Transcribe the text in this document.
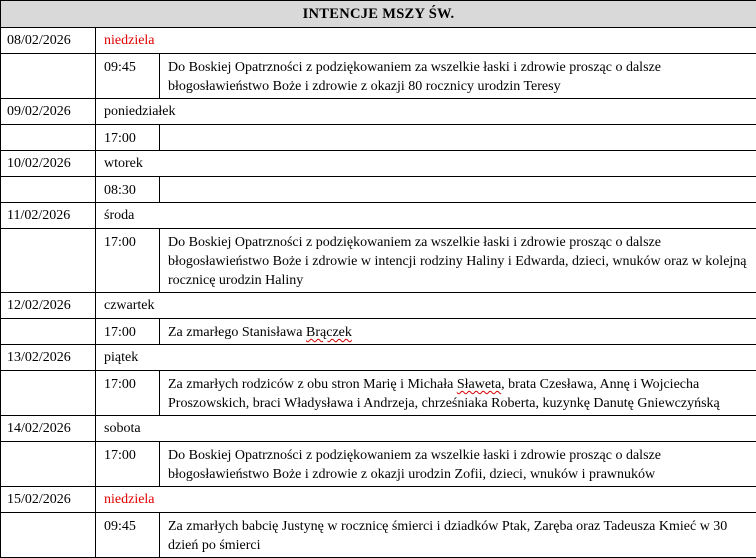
INTENCJE MSZY ŚW.		
08/02/2026	niedziela	
	09:45	Do Boskiej Opatrzności z podziękowaniem za wszelkie łaski i zdrowie prosząc o dalsze błogosławieństwo Boże i zdrowie z okazji 80 rocznicy urodzin Teresy
09/02/2026	poniedziałek	
	17:00	
10/02/2026	wtorek	
	08:30	
11/02/2026	środa	
	17:00	Do Boskiej Opatrzności z podziękowaniem za wszelkie łaski i zdrowie prosząc o dalsze błogosławieństwo Boże i zdrowie w intencji rodziny Haliny i Edwarda, dzieci, wnuków oraz w kolejną rocznicę urodzin Haliny
12/02/2026	czwartek	
	17:00	Za zmarłego Stanisława Brączek
13/02/2026	piątek	
	17:00	Za zmarłych rodziców z obu stron Marię i Michała Sławeta, brata Czesława, Annę i Wojciecha Proszowskich, braci Władysława i Andrzeja, chrześniaka Roberta, kuzynkę Danutę Gniewczyńską
14/02/2026	sobota	
	17:00	Do Boskiej Opatrzności z podziękowaniem za wszelkie łaski i zdrowie prosząc o dalsze błogosławieństwo Boże i zdrowie z okazji urodzin Zofii, dzieci, wnuków i prawnuków
15/02/2026	niedziela	
	09:45	Za zmarłych babcię Justynę w rocznicę śmierci i dziadków Ptak, Zaręba oraz Tadeusza Kmieć w 30 dzień po śmierci
